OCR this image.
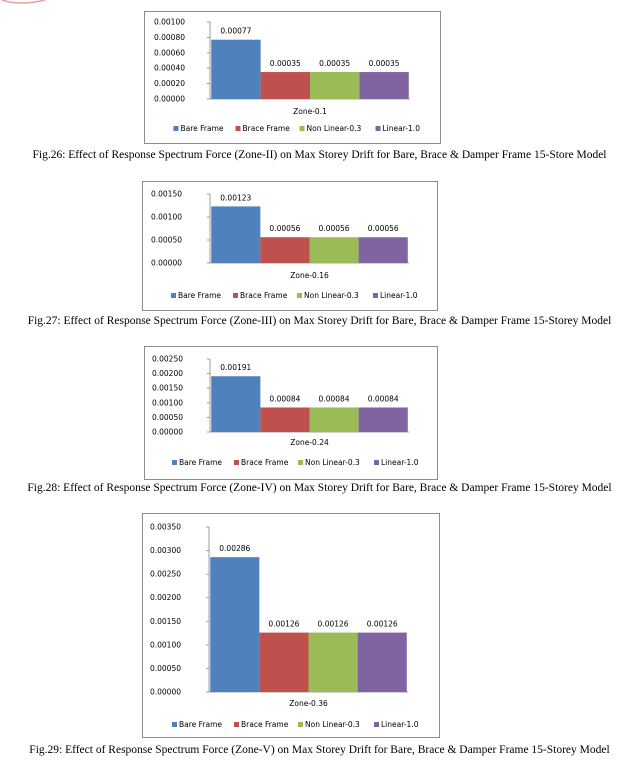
0.00000
0.00020
0.00040
0.00060
0.00080
0.00100
0.00077
0.00035 0.00035 0.00035
Zone-0.1
Bare Frame	Brace Frame Non Linear-0.3	Linear-1.0
Fig.26: Effect of Response Spectrum Force (Zone-II) on Max Storey Drift for Bare, Brace & Damper Frame 15-Store Model
0.00000
0.00050
0.00100
0.00150	0.00123
0.00056 0.00056 0.00056
Zone-0.16
Bare Frame	Brace Frame Non Linear-0.3	Linear-1.0
Fig.27: Effect of Response Spectrum Force (Zone-III) on Max Storey Drift for Bare, Brace & Damper Frame 15-Storey Model
0.00000
0.00050
0.00100
0.00150
0.00200
0.00250
0.00191
0.00084 0.00084 0.00084
Zone-0.24
Bare Frame	Brace Frame Non Linear-0.3	Linear-1.0
Fig.28: Effect of Response Spectrum Force (Zone-IV) on Max Storey Drift for Bare, Brace & Damper Frame 15-Storey Model
0.00000
0.00050
0.00100
0.00150
0.00200
0.00250
0.00300
0.00350
0.00286
0.00126 0.00126 0.00126
Zone-0.36
Bare Frame	Brace Frame Non Linear-0.3	Linear-1.0
Fig.29: Effect of Response Spectrum Force (Zone-V) on Max Storey Drift for Bare, Brace & Damper Frame 15-Storey Model
